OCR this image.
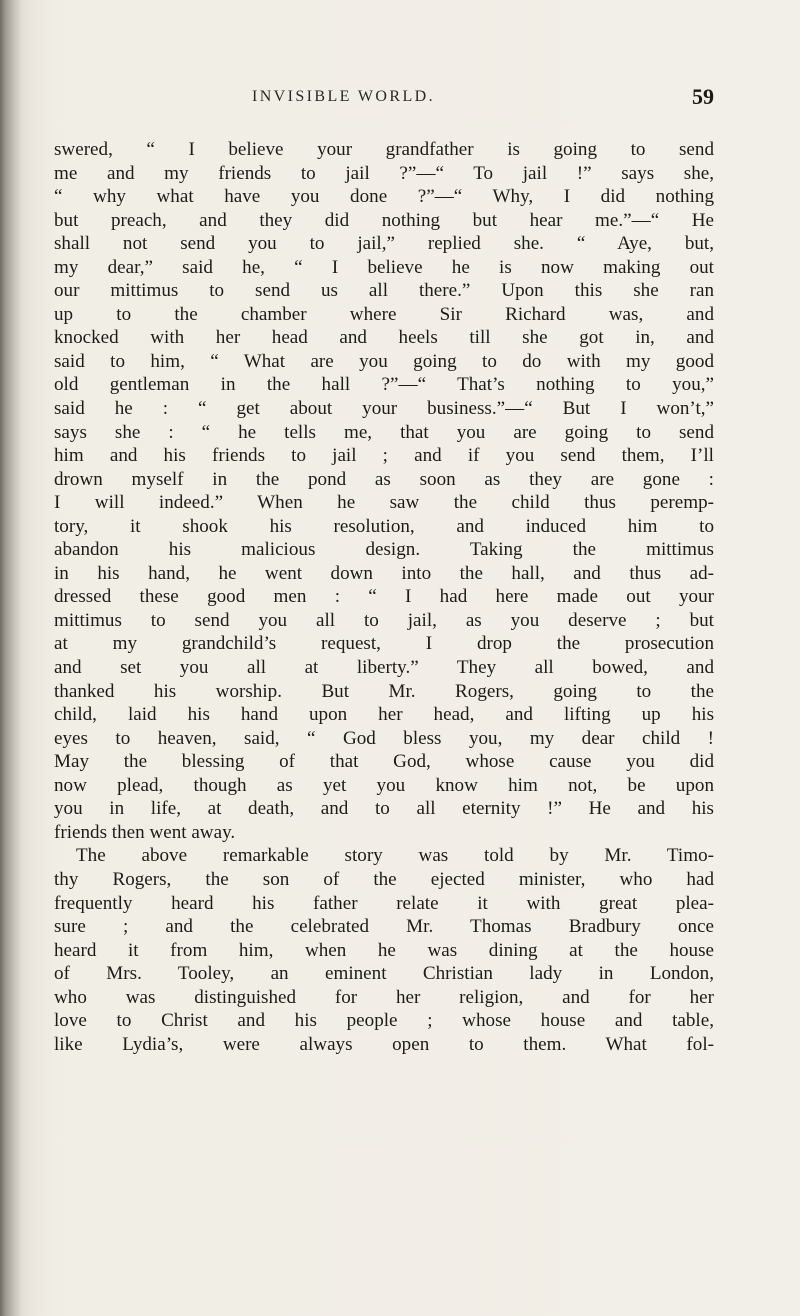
INVISIBLE WORLD.	59
swered, “ I believe your grandfather is going to send
me and my friends to jail ?”—“ To jail !” says she,
“ why what have you done ?”—“ Why, I did nothing
but preach, and they did nothing but hear me.”—“ He
shall not send you to jail,” replied she. “ Aye, but,
my dear,” said he, “ I believe he is now making out
our mittimus to send us all there.” Upon this she ran
up to the chamber where Sir Richard was, and
knocked with her head and heels till she got in, and
said to him, “ What are you going to do with my good
old gentleman in the hall ?”—“ That’s nothing to you,”
said he : “ get about your business.”—“ But I won’t,”
says she : “ he tells me, that you are going to send
him and his friends to jail ; and if you send them, I’ll
drown myself in the pond as soon as they are gone :
I will indeed.” When he saw the child thus peremp-
tory, it shook his resolution, and induced him to
abandon his malicious design. Taking the mittimus
in his hand, he went down into the hall, and thus ad-
dressed these good men : “ I had here made out your
mittimus to send you all to jail, as you deserve ; but
at my grandchild’s request, I drop the prosecution
and set you all at liberty.” They all bowed, and
thanked his worship. But Mr. Rogers, going to the
child, laid his hand upon her head, and lifting up his
eyes to heaven, said, “ God bless you, my dear child !
May the blessing of that God, whose cause you did
now plead, though as yet you know him not, be upon
you in life, at death, and to all eternity !” He and his
friends then went away.
The above remarkable story was told by Mr. Timo-
thy Rogers, the son of the ejected minister, who had
frequently heard his father relate it with great plea-
sure ; and the celebrated Mr. Thomas Bradbury once
heard it from him, when he was dining at the house
of Mrs. Tooley, an eminent Christian lady in London,
who was distinguished for her religion, and for her
love to Christ and his people ; whose house and table,
like Lydia’s, were always open to them. What fol-
